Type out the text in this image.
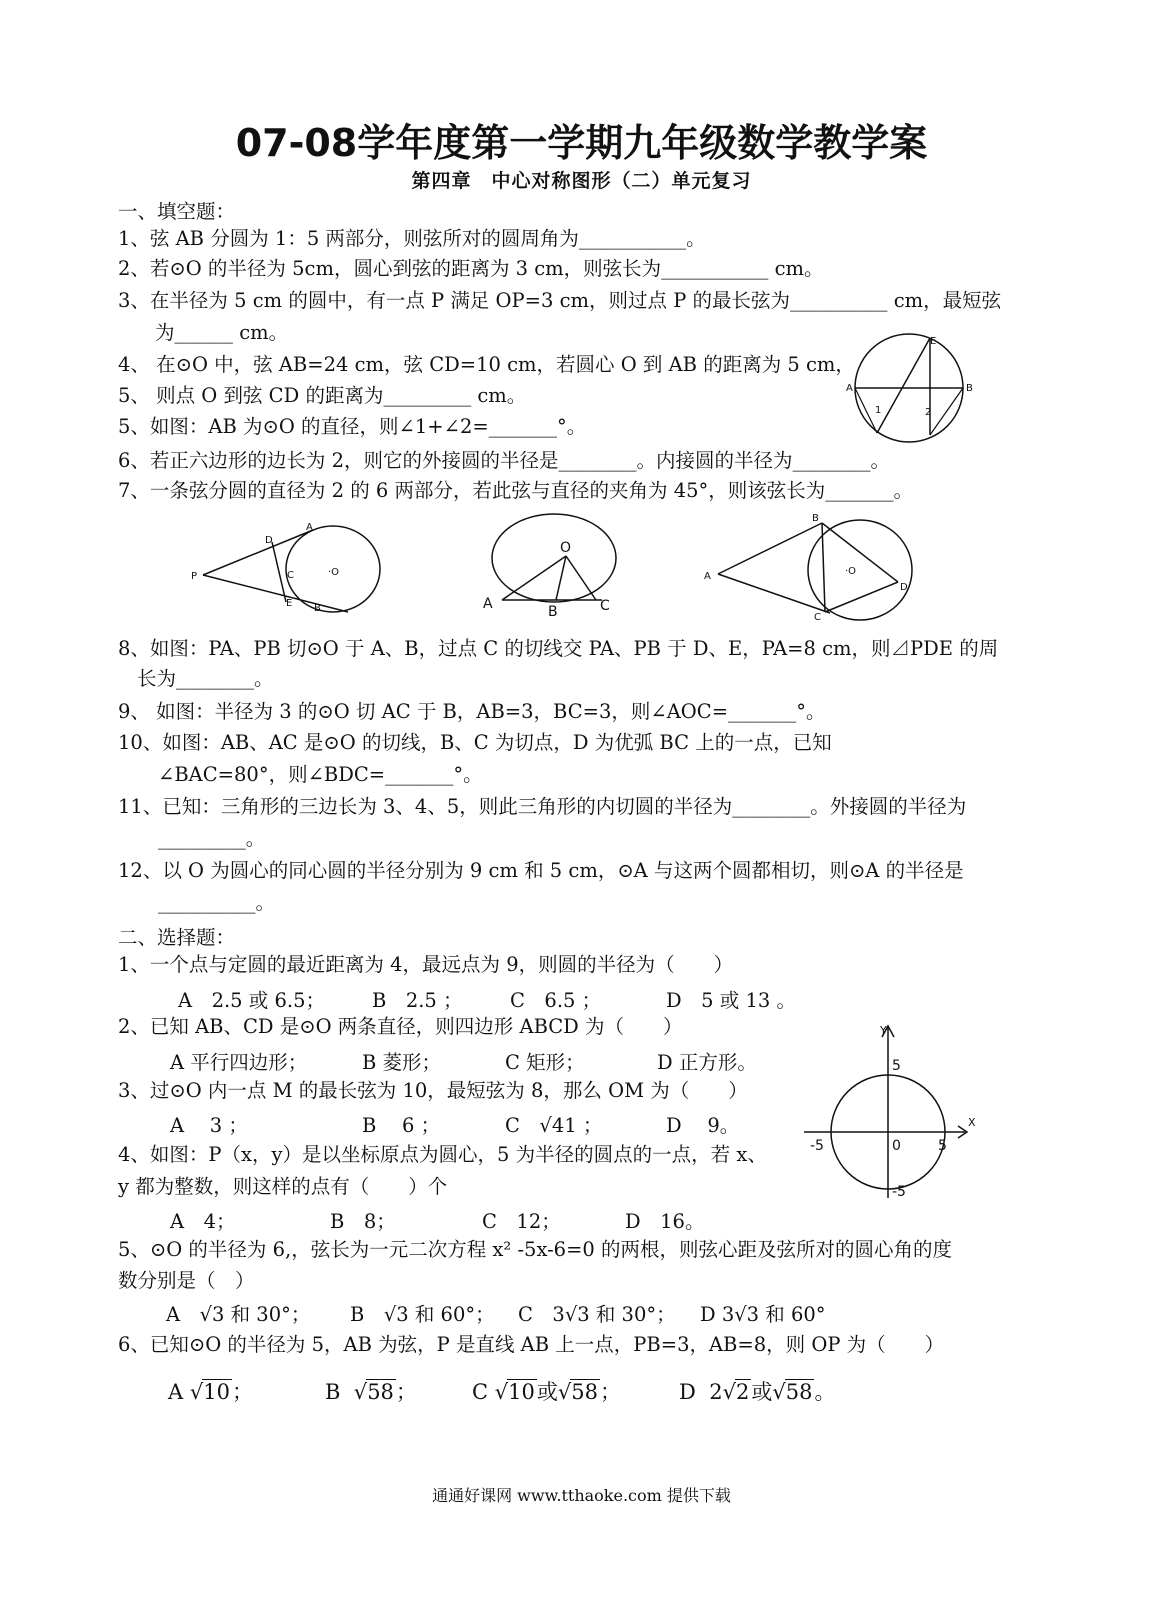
07-08学年度第一学期九年级数学教学案
第四章　中心对称图形（二）单元复习
一、填空题：
1、弦 AB 分圆为 1：5 两部分，则弦所对的圆周角为___________。
2、若⊙O 的半径为 5cm，圆心到弦的距离为 3 cm，则弦长为___________ cm。
3、在半径为 5 cm 的圆中，有一点 P 满足 OP=3 cm，则过点 P 的最长弦为__________ cm，最短弦
为______ cm。
4、 在⊙O 中，弦 AB=24 cm，弦 CD=10 cm，若圆心 O 到 AB 的距离为 5 cm，
5、 则点 O 到弦 CD 的距离为_________ cm。
5、如图：AB 为⊙O 的直径，则∠1+∠2=_______°。
6、若正六边形的边长为 2，则它的外接圆的半径是________。内接圆的半径为________。
7、一条弦分圆的直径为 2 的 6 两部分，若此弦与直径的夹角为 45°，则该弦长为_______。
A	B
E
1	2
P
D
A
C	·O
E B
O
A	B	C
A
B
·O
D
C
8、如图：PA、PB 切⊙O 于 A、B，过点 C 的切线交 PA、PB 于 D、E，PA=8 cm，则⊿PDE 的周
长为________。
9、 如图：半径为 3 的⊙O 切 AC 于 B，AB=3，BC=3，则∠AOC=_______°。
10、如图：AB、AC 是⊙O 的切线，B、C 为切点，D 为优弧 BC 上的一点，已知
∠BAC=80°，则∠BDC=_______°。
11、已知：三角形的三边长为 3、4、5，则此三角形的内切圆的半径为________。外接圆的半径为
_________。
12、以 O 为圆心的同心圆的半径分别为 9 cm 和 5 cm，⊙A 与这两个圆都相切，则⊙A 的半径是
__________。
二、选择题：
1、一个点与定圆的最近距离为 4，最远点为 9，则圆的半径为（　　）
A　2.5 或 6.5； B　2.5 ； C　6.5 ；	D　5 或 13 。
2、已知 AB、CD 是⊙O 两条直径，则四边形 ABCD 为（　　）
A 平行四边形；	B 菱形；	C 矩形；	D 正方形。
3、过⊙O 内一点 M 的最长弦为 10，最短弦为 8，那么 OM 为（　　）
A　 3 ；	B　 6 ；	C　√41 ；	D　 9。
4、如图：P（x，y）是以坐标原点为圆心，5 为半径的圆点的一点，若 x、
y 都为整数，则这样的点有（　　）个
A　4；	B　8；	C　12；	D　16。
Y
X
5
-5	0	5
-5
5、⊙O 的半径为 6,，弦长为一元二次方程 x² -5x-6=0 的两根，则弦心距及弦所对的圆心角的度
数分别是（　）
A　√3 和 30°； B　√3 和 60°； C　3√3 和 30°； D 3√3 和 60°
6、已知⊙O 的半径为 5，AB 为弦，P 是直线 AB 上一点，PB=3，AB=8，则 OP 为（　　）
A √10；	B √58；	C √10或√58；	D 2√2或√58。
通通好课网 www.tthaoke.com 提供下载
